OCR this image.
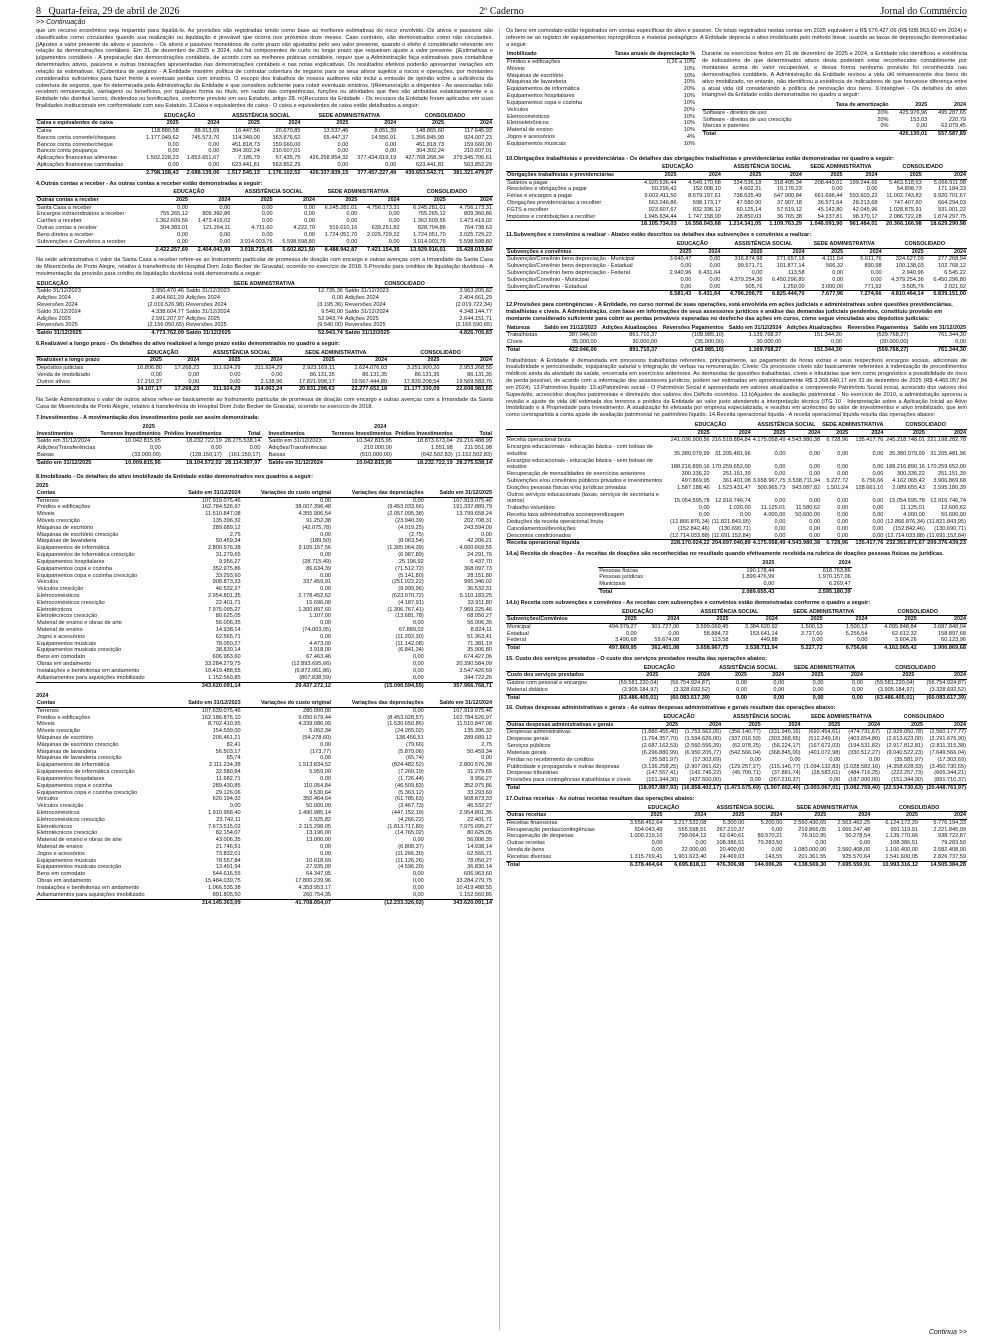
8 Quarta-feira, 29 de abril de 2026	2º Caderno	Jornal do Commércio
>> Continuação

que um recurso econômico seja requerido para liquidá-lo. As provisões são registradas tendo como base as melhores estimativas do risco envolvido. Os ativos e passivos são classificados como circulantes quando sua realização ou liquidação é provável que ocorra nos próximos doze meses. Caso contrário, são demonstrados como não circulantes. j)Ajustes a valor presente de ativos e passivos - Os ativos e passivos monetários de curto prazo são ajustados pelo seu valor presente, quando o efeito é considerado relevante em relação às demonstrações contábeis. Em 31 de dezembro de 2025 e 2024, não há componentes de curto ou longo prazo que requeiram ajuste a valor presente. j)Estimativas e julgamentos contábeis - A preparação das demonstrações contábeis, de acordo com as melhores práticas contábeis, requer que a Administração faça estimativas para contabilizar determinados ativos, passivos e outras transações apresentadas nas demonstrações contábeis e nas notas explicativas. Os resultados efetivos poderão apresentar variações em relação às estimativas. k)Cobertura de seguros - A Entidade mantém política de contratar cobertura de seguros para os seus ativos sujeitos a riscos e operações, por montantes considerados suficientes para fazer frente a eventuais perdas com sinistros. O escopo dos trabalhos de nossos auditores não inclui a emissão de opinião sobre a suficiência da cobertura de seguros, que foi determinada pela Administração da Entidade e que considera suficiente para cobrir eventuais sinistros. l)Remuneração a dirigentes - As associadas não recebem remuneração, vantagens ou benefícios, por qualquer forma ou título, em razão das competências, funções ou atividades que lhes são atribuídas estatutariamente e a Entidade não distribui lucros, dividendos ou bonificações, conforme previsto em seu Estatuto, artigo 28. m)Recursos da Entidade - Os recursos da Entidade foram aplicados em suas finalidades institucionais em conformidade com seu Estatuto. 3.Caixa e equivalentes de caixa - O caixa e equivalentes de caixa estão detalhados a seguir:

	EDUCAÇÃO		ASSISTÊNCIA SOCIAL		SEDE ADMINISTRATIVA		CONSOLIDADO	
Caixa e equivalentes de caixa	2025	2024	2025	2024	2025	2024	2025	2024
Caixa	118.880,58	88.913,69	16.447,56	20.670,85	13.537,46	8.051,39	148.865,60	117.645,93
Bancos conta corrente/cheques	1.177.049,62	745.573,70	114.349,00	163.876,62	65.447,37	14.556,91	1.356.845,99	924.007,23
Bancos conta corrente/cheque	0,00	0,00	451.818,73	159.660,00	0,00	0,00	451.818,73	159.660,00
Bancos conta poupança	0,00	0,00	304.302,24	210.607,01	0,00	0,00	304.302,24	210.607,01
Aplicações financeiras alimentar	1.502.228,23	1.853.651,67	7.185,79	57.435,75	426.258.854,32	377.434.619,19	427.768.268,34	379.345.706,61
Aplicações financeiras carimbadas	0,00	0,00	623.441,81	563.852,29	0,00	0,00	623.441,81	563.852,29
	2.798.158,43	2.688.139,06	1.517.545,13	1.176.102,52	426.337.839,15	377.457.227,49	430.653.542,71	381.321.479,07
4.Outras contas a receber - As outras contas a receber estão demonstradas a seguir:
	EDUCAÇÃO		ASSISTÊNCIA SOCIAL		SEDE ADMINISTRATIVA		CONSOLIDADO	
Outras contas a receber	2025	2024	2025	2024	2025	2024	2025	2024
Santa Casa a receber	0,00	0,00	0,00	0,00	6.245.281,01	4.756.173,31	6.245.281,01	4.756.173,31
Encargos extraordinários a receber	755.265,12	809.360,86	0,00	0,00	0,00	0,00	755.265,12	809.360,86
Cartões a receber	1.362.609,56	1.473.419,02	0,00	0,00	0,00	0,00	1.362.609,56	1.473.419,02
Outras contas a receber	304.383,01	121.264,11	4.711,60	4.222,70	519.610,16	639.251,82	828.704,86	764.738,63
Bens diretos a receber	0,00	0,00	0,00	0,00	1.724.051,70	2.025.729,22	1.724.051,70	2.025.729,22
Subvenções e Convênios a receber	0,00	0,00	3.014.003,76	5.598.598,80	0,00	0,00	3.014.003,76	5.598.598,80
	2.422.257,69	2.404.043,99	3.018.715,45	5.602.821,50	8.488.942,87	7.421.154,35	13.929.916,01	15.428.019,84

Na sede administrativa o valor da Santa Casa a receber refere-se ao Instrumento particular de promessa de doação com encargo e outras avenças com a Irmandade da Santa Casa de Misericórdia de Porto Alegre, relativo à transferência do Hospital Dom João Becker de Gravataí, ocorrido no exercício de 2018. 5.Provisão para créditos de liquidação duvidosa - A movimentação da provisão para crédito de liquidação duvidosa está demonstrada a seguir:

EDUCAÇÃO		SEDE ADMINISTRATIVA		CONSOLIDADO	
Saldo 31/12/2023	3.950.470,46	Saldo 31/12/2023	12.735,36	Saldo 31/12/2023	3.963.205,82
Adições 2024	2.404.661,29	Adições 2024	0,00	Adições 2024	2.404.661,29
Reversões 2024	(2.016.526,98)	Reversões 2024	(3.195,36)	Reversões 2024	(2.019.722,34)
Saldo 31/12/2024	4.338.604,77	Saldo 31/12/2024	9.540,00	Saldo 31/12/2024	4.348.144,77
Adições 2025	2.591.207,97	Adições 2025	52.943,74	Adições 2025	2.644.151,71
Reversões 2025	(2.156.050,65)	Reversões 2025	(9.540,00)	Reversões 2025	(2.165.590,65)
Saldo 31/12/2025	4.773.762,09	Saldo 31/12/2025	52.943,74	Saldo 31/12/2025	4.826.705,83
6.Realizável a longo prazo - Os detalhes do ativo realizável a longo prazo estão demonstrados no quadro a seguir:
	EDUCAÇÃO		ASSISTÊNCIA SOCIAL		SEDE ADMINISTRATIVA		CONSOLIDADO	
Realizável a longo prazo	2025	2024	2025	2024	2025	2024	2025	2024
Depósitos judiciais	16.806,80	17.268,23	311.924,29	311.924,29	2.923.169,11	2.624.076,03	3.251.900,20	2.953.268,55
Venda de imobilizado	0,00	0,00	0,00	0,00	86.131,35	86.131,35	86.131,35	86.131,35
Outros ativos	17.210,37	0,00	0,00	2.138,96	17.821.998,17	19.567.444,80	17.839.208,54	19.569.583,76
	34.107,17	17.268,23	311.924,29	314.063,24	20.831.298,63	22.277.652,18	21.177.330,09	22.608.983,65

Na Sede Administrativa o valor de outros ativos refere-se basicamente ao Instrumento particular de promessa de doação com encargo e outras avenças com a Irmandade da Santa Casa de Misericórdia de Porto Alegre, relativo à transferência do Hospital Dom João Becker de Gravataí, ocorrido no exercício de 2018.

7.Investimentos - A movimentação dos investimentos pode ser assim demonstrada:
2025
Investimentos	Terrenos Investimentos	Prédios Investimentos	Total
Saldo em 31/12/2024	10.042.815,95	18.232.722,19	28.275.538,14
Adições/Transferências	0,00	0,00	0,00
Baixas	(33.000,00)	(128.150,17)	(161.150,17)
Saldo em 31/12/2025	10.009.815,95	18.104.572,02	28.114.387,97
2024
Investimentos	Terrenos Investimentos	Prédios Investimentos	Total
Saldo em 31/12/2023	10.342.815,95	18.873.673,04	29.216.488,99
Adições/Transferências	210.000,00	1.551,98	211.551,98
Baixas	(510.000,00)	(642.502,83)	(1.152.502,83)
Saldo em 31/12/2024	10.042.815,95	18.232.722,19	28.275.538,14
8.Imobilizado - Os detalhes do ativo imobilizado da Entidade estão demonstrados nos quadros a seguir:
2025
Contas	Saldo em 31/12/2024	Variações do custo original	Variações das depreciações	Saldo em 31/12/2025
Terrenos	107.919.075,46	0,00	0,00	107.919.075,46
Prédios e edificações	162.784.526,97	38.007.396,48	(9.453.033,66)	191.337.889,79
Móveis	11.510.847,08	4.355.906,54	(2.057.095,38)	13.799.658,24
Móveis crescição	135.396,32	91.252,38	(23.940,39)	202.708,31
Máquinas de escritório	289.689,12	(42.075,78)	(4.019,25)	243.594,09
Máquinas de escritório crescição	2,75	0,00	(2,75)	0,00
Máquinas de lavanderia	50.459,34	(189,50)	(8.063,54)	42.206,21
Equipamentos de informática	2.800.576,38	3.105.157,56	(1.305.064,39)	4.600.669,55
Equipamentos de informática crescição	31.279,65	0,00	(6.987,89)	24.291,76
Equipamentos hospitalares	9.956,27	(28.715,49)	25.196,92	6.437,70
Equipamentos copa e cozinha	352.975,86	86.634,39	(71.512,72)	368.097,73
Equipamentos copa e cozinha crescição	33.293,60	0,00	(5.141,80)	28.151,80
Veículos	908.873,33	337.459,91	(251.022,22)	995.346,02
Veículos crescição	46.532,27	0,00	(9.999,96)	36.532,31
Eletrocomésticos	2.954.801,35	2.778.452,62	(623.070,72)	5.110.183,25
Eletrocomésticos crescição	22.401,71	15.696,00	(4.187,91)	33.911,80
Eletrotécnicos	7.975.095,27	1.300.897,60	(1.306.767,41)	7.969.225,46
Eletrotécnicos crescição	80.625,05	1.107,00	(13.681,78)	68.050,27
Material de ensino e obras de arte	56.006,35	0,00	0,00	56.006,35
Material de ensino	14.938,14	(74.003,05)	67.889,02	8.824,11
Jogos e acessórios	62.565,71	0,00	(11.202,30)	51.363,41
Equipamentos musicais	78.050,27	4.473,00	(11.142,08)	71.381,19
Equipamentos musicais crescição	38.830,14	3.918,00	(6.841,34)	35.906,80
Bens em comodato	606.963,60	67.463,46	0,00	674.427,06
Obras em andamento	33.284.279,75	(12.893.695,66)	0,00	20.390.584,09
Instalações e benfeitorias em andamento	10.419.488,55	(6.872.061,86)	0,00	3.547.426,69
Adiantamentos para aquisições imobilizado	1.152.560,85	(807.838,59)	0,00	344.722,26
	343.620.091,14	29.437.272,12	(15.090.594,55)	357.966.768,71
2024
Contas	Saldo em 31/12/2023	Variações do custo original	Variações das depreciações	Saldo em 31/12/2024
Terrenos	107.639.075,46	280.000,00	0,00	107.919.075,46
Prédios e edificações	162.186.876,10	9.050.679,44	(8.453.028,57)	162.784.526,97
Móveis	8.702.410,95	4.339.086,99	(1.530.650,86)	11.510.847,08
Móveis crescição	154.599,00	5.062,34	(24.265,02)	135.396,32
Máquinas de escritório	205.461,21	(54.278,60)	138.456,51	289.689,12
Máquinas de escritório crescição	82,41	0,00	(79,66)	2,75
Máquinas de lavanderia	56.503,17	(173,77)	(5.870,06)	50.459,34
Máquinas de lavanderia crescição	65,74	0,00	(65,74)	0,00
Equipamentos de informática	2.111.234,38	1.513.834,52	(824.482,52)	2.800.576,38
Equipamentos de informática crescição	32.580,84	5.959,00	(7.260,19)	31.279,65
Equipamentos hospitalares	11.682,71	0,00	(1.726,44)	9.956,27
Equipamentos copa e cozinha	289.430,85	110.054,84	(46.509,83)	352.975,86
Equipamentos copa e cozinha crescição	29.126,06	9.530,64	(5.363,12)	33.293,60
Veículos	620.194,32	350.464,64	(61.785,63)	908.873,33
Veículos crescição	0,00	50.000,00	(3.467,73)	46.532,27
Eletrocomésticos	1.910.968,40	1.490.985,14	(447.152,19)	2.954.801,35
Eletrocomésticos crescição	23.742,11	2.925,82	(4.266,22)	22.401,71
Eletrotécnicos	7.673.515,02	2.115.298,05	(1.813.717,80)	7.975.095,27
Eletrotécnicos crescição	82.154,07	13.196,00	(14.765,02)	80.625,05
Material de ensino e obras de arte	43.006,35	13.000,00	0,00	56.006,35
Material de ensino	21.746,51	0,00	(6.808,37)	14.938,14
Jogos e acessórios	73.832,01	0,00	(11.266,30)	62.565,71
Equipamentos musicais	78.557,84	10.618,69	(11.126,26)	78.050,27
Equipamentos musicais crescição	13.491,94	27.935,00	(4.596,20)	36.830,14
Bens em comodato	544.616,55	64.347,05	0,00	606.963,60
Obras em andamento	15.484.039,75	17.800.239,96	0,00	33.284.279,75
Instalações e benfeitorias em andamento	1.066.535,38	4.353.953,17	0,00	10.419.488,55
Adiantamentos para aquisições imobilizado	891.805,50	260.754,35	0,00	1.152.560,85
	314.145.363,09	41.708.054,07	(12.233.326,02)	343.620.091,14

Os bens em comodato estão registrados em contas específicas do ativo e passivo. Os totais registrados nestas contas em 2025 equivalem a R$ 676.427,06 (R$ 608.963,60 em 2024) e referem-se ao registro de equipamentos reprográficos e material pedagógico. A Entidade deprecia o ativo imobilizado pelo método linear, usando as taxas de depreciação demonstradas a seguir:

Imobilizado	Taxas anuais de depreciação %
Prédios e edificações	0,26 a 10%
Móveis	10%
Máquinas de escritório	10%
Máquinas de lavanderia	10%
Equipamentos de informática	20%
Equipamentos hospitalares	10%
Equipamentos copa e cozinha	10%
Veículos	20%
Eletrocomésticos	10%
Eletroeletrônicos	10%
Material de ensino	10%
Jogos e acessórios	4%
Equipamentos musicais	10%

Durante os exercícios findos em 31 de dezembro de 2025 e 2024, a Entidade não identificou a existência de indicadores de que determinados ativos desta poderiam estar reconhecidos contabilmente por montantes acima do valor recuperável, e dessa forma nenhuma provisão foi reconhecida nas demonstrações contábeis. A Administração da Entidade revisou a vida útil remanescente dos bens do ativo imobilizado, no entanto, não identificou a existência de indicadores de que houvesse diferença entre a atual vida útil considerando a política de renovação dos bens. 9.Intangível - Os detalhes do ativo intangível da Entidade estão demonstrados no quadro a seguir:

	Taxa de amortização	2025	2024
Software - direitos de uso	20%	425.976,96	495.287,65
Software - direitos de uso crescição	20%	153,03	220,79
Marcas e patentes	0%	0,00	62.079,45
Total		426.130,01	557.587,89
10.Obrigações trabalhistas e previdenciárias - Os detalhes das obrigações trabalhistas e previdenciárias estão demonstradas no quadro a seguir:
	EDUCAÇÃO		ASSISTÊNCIA SOCIAL		SEDE ADMINISTRATIVA		CONSOLIDADO	
Obrigações trabalhistas e previdenciárias	2025	2024	2025	2024	2025	2024	2025	2024
Salários a pagar	4.920.536,44	4.549.170,68	334.536,18	318.495,34	208.443,01	199.244,66	5.463.518,63	5.066.911,98
Rescisões e obrigações a pagar	50.296,42	152.008,10	4.602,31	15.176,23	0,00	0,00	54.898,73	171.184,33
Férias e encargos a pagar	9.602.411,50	8.679.197,61	738.635,49	647.900,84	661.696,44	593.603,22	11.002.743,83	9.920.701,67
Obrigações previdenciárias a recolher	663.246,86	598.173,17	47.580,90	37.907,18	36.571,64	28.213,68	747.407,60	664.294,03
FGTS a recolher	923.607,67	832.336,12	60.125,14	57.519,12	45.142,80	42.045,96	1.028.875,91	931.901,22
Impostos e contribuições a recolher	1.945.634,44	1.747.158,00	28.850,03	36.765,38	54.237,81	98.370,17	2.086.722,28	1.874.297,75
	18.105.734,03	16.558.043,68	1.214.341,05	1.109.763,29	1.046.091,90	961.484,01	20.366.166,98	18.629.290,98
11.Subvenções e convênios a realizar - Abaixo estão descritos os detalhes das subvenções e convênios a realizar:
	EDUCAÇÃO		ASSISTÊNCIA SOCIAL		SEDE ADMINISTRATIVA		CONSOLIDADO	
Subvenções e convênios	2025	2024	2025	2024	2025	2024	2025	2024
Subvenção/Convênio bens depreciação - Municipal	3.640,47	0,00	316.874,98	271.657,18	4.111,64	5.611,76	324.627,09	277.268,94
Subvenção/Convênio bens depreciação - Estadual	0,00	0,00	99.571,71	101.877,14	566,32	890,98	100.138,03	102.768,12
Subvenção/Convênio bens depreciação - Federal	2.940,96	6.431,64	0,00	113,58	0,00	0,00	2.940,96	6.545,22
Subvenção/Convênio - Municipal	0,00	0,00	4.379.254,36	6.450.296,80	0,00	0,00	4.379.254,36	6.450.296,80
Subvenção/Convênio - Estadual	0,00	0,00	505,76	1.250,00	3.000,00	771,92	3.505,76	2.021,92
	6.581,43	6.431,64	4.796.206,75	6.825.444,70	7.677,96	7.274,66	4.810.464,14	6.839.151,00
12.Provisões para contingências - A Entidade, no curso normal de suas operações, está envolvida em ações judiciais e administrativas sobre questões previdenciárias, trabalhistas e cíveis. A Administração, com base em informações de seus assessores jurídicos e análise das demandas judiciais pendentes, constituiu provisão em montante considerado suficiente para cobrir as perdas prováveis esperadas no desfecho das ações em curso, como segue vinculadas aos depósitos judiciais:
Natureza	Saldo em 31/12/2023	Adições Atualizações	Reversões Pagamentos	Saldo em 31/12/2024	Adições Atualizações	Reversões Pagamentos	Saldo em 31/12/2025
Trabalhistas	387.046,00	861.710,37	(108.985,10)	1.139.768,27	151.344,30	(529.768,27)	761.344,30
Cíveis	35.000,00	30.000,00	(35.000,00)	30.000,00	0,00	(30.000,00)	0,00
Total	422.046,00	891.710,37	(143.985,10)	1.169.768,27	151.344,30	(559.768,27)	761.344,30

Trabalhistas: A Entidade é demandada em processos trabalhistas referentes, principalmente, ao pagamento de horas extras e seus respectivos encargos sociais, adicionais de insalubridade e periculosidade, equiparação salarial e integração de verbas na remuneração. Cíveis: Os processos cíveis são basicamente referentes à indenização de procedimentos médicos ainda da atividade da saúde, encerrada em exercícios anteriores. As demandas de questões trabalhistas, cíveis e tributárias que tem como prognóstico a possibilidade de risco de perda possível, de acordo com a informação dos assessores jurídicos, podem ser estimadas em aproximadamente R$ 3.268.640,17 em 31 de dezembro de 2025 (R$ 4.465.057,84 em 2024). 13.Patrimônio líquido: 13.a)Patrimônio social - O Patrimônio Social é apresentado em valores atualizados e compreende Patrimônio Social inicial, acrescido dos valores dos Superávits, acrescidos doações patrimoniais e diminuído dos valores dos Déficits ocorridos. 13.b)Ajustes de avaliação patrimonial - No exercício de 2010, a administração aprovou a revisão e ajuste de vida útil estimada dos terrenos e prédios da Entidade ao valor justo atendendo a interpretação técnica (ITG 10 - Interpretação sobre a Aplicação Inicial ao Ativo Imobilizado e à Propriedade para Investimento. A atualização foi efetuada por empresa especializada, e resultou em acréscimo do valor de investimentos e ativo imobilizado, que tem como contrapartida a conta ajuste de avaliação patrimonial no patrimônio líquido. 14.Receita operacional líquida - A receita operacional líquida resulta das operações abaixo:

	EDUCAÇÃO		ASSISTÊNCIA SOCIAL		SEDE ADMINISTRATIVA		CONSOLIDADO	
	2025	2024	2025	2024	2025	2024	2025	2024
Receita operacional bruta	241.036.900,56	216.518.884,84	4.175.058,49	4.543.980,38	6.728,96	135.417,76	245.218.748,01	221.198.282,78
Encargos educacionais - educação básica - com bolsas de estudos	35.380.079,99	31.205.481,96	0,00	0,00	0,00	0,00	35.380.079,99	31.205.481,96
Encargos educacionais - educação básica - sem bolsas de estudos	188.216.890,16	170.259.652,00	0,00	0,00	0,00	0,00	188.216.890,16	170.259.652,00
Recuperação de mensalidades de exercícios anteriores	300.336,22	251.151,39	0,00	0,00	0,00	0,00	300.336,22	251.151,39
Subvenções e/ou convênios públicos privados e investimentos	497.869,95	361.401,08	3.658.967,75	3.538.711,94	5.227,72	6.756,66	4.162.065,42	3.906.869,68
Doações pessoas físicas e/ou jurídicas privadas	1.587.188,46	1.523.431,47	500.965,73	943.087,82	1.501,24	128.661,10	2.089.655,43	2.595.180,39
Outros serviços educacionais (taxas, serviços de secretaria e outros)	15.054.595,78	12.916.746,74	0,00	0,00	0,00	0,00	15.054.595,78	12.916.746,74
Trabalho voluntário	0,00	1.020,00	11.125,01	11.580,62	0,00	0,00	11.125,01	12.600,62
Receita taxa administrativa socioeprendizagem	0,00	0,00	4.000,00	50.600,00	0,00	0,00	4.000,00	50.600,00
Deduções da receita operacional bruta	(12.866.876,34)	(11.821.843,95)	0,00	0,00	0,00	0,00	(12.866.876,34)	(11.821.843,95)
Cancelamentos/devoluções	(152.842,46)	(130.690,71)	0,00	0,00	0,00	0,00	(152.842,46)	(130.690,71)
Descontos condicionados	(12.714.033,88)	(11.691.152,84)	0,00	0,00	0,00	0,00	(12.714.033,88)	(11.691.152,84)
Receita operacional líquida	228.170.024,22	204.697.040,89	4.175.058,49	4.543.980,38	6.728,96	135.417,76	232.351.871,67	209.376.439,23
14.a) Receita de doações - As receitas de doações são reconhecidas no resultado quando efetivamente recebida na rubrica de doações pessoas físicas ou jurídicas.
	2025	2024
Pessoas físicas	190.178,44	618.763,86
Pessoas jurídicas	1.899.476,99	1.970.157,06
Municipais	0,00	6.269,47
Total	2.089.655,43	2.595.180,39
14.b) Receita com subvenções e convênios - As receitas com subvenções e convênios estão demonstradas conforme o quadro a seguir:
	EDUCAÇÃO		ASSISTÊNCIA SOCIAL		SEDE ADMINISTRATIVA		CONSOLIDADO	
Subvenções/Convênios	2025	2024	2025	2024	2025	2024	2025	2024
Municipal	494.379,27	301.727,00	3.599.069,45	3.384.620,92	1.500,12	1.500,12	4.095.848,84	3.687.848,04
Estadual	0,00	0,00	58.884,72	153.641,14	3.727,60	5.256,54	62.612,32	158.897,68
Federal	3.490,68	59.674,08	113,58	449,88	0,00	0,00	3.604,26	60.123,96
Total	497.869,95	361.401,08	3.658.967,75	3.538.711,94	5.227,72	6.756,66	4.162.065,42	3.906.869,68
15. Custo dos serviços prestados - O custo dos serviços prestados resulta das operações abaixo:
	EDUCAÇÃO		ASSISTÊNCIA SOCIAL		SEDE ADMINISTRATIVA		CONSOLIDADO	
Custo dos serviços prestados	2025	2024	2025	2024	2025	2024	2025	2024
Gastos com pessoal e encargos	(59.581.220,04)	(56.754.924,87)	0,00	0,00	0,00	0,00	(59.581.220,04)	(56.754.924,87)
Material didático	(3.905.184,97)	(3.328.692,52)	0,00	0,00	0,00	0,00	(3.905.184,97)	(3.328.692,52)
Total	(63.486.405,01)	(60.083.617,39)	0,00	0,00	0,00	0,00	(63.486.405,01)	(60.083.617,39)
16. Outras despesas administrativas e gerais - As outras despesas administrativas e gerais resultam das operações abaixo:
	EDUCAÇÃO		ASSISTÊNCIA SOCIAL		SEDE ADMINISTRATIVA		CONSOLIDADO	
Outras despesas administrativas e gerais	2025	2024	2025	2024	2025	2024	2025	2024
Despesas administrativas	(1.880.455,40)	(1.753.562,05)	(356.140,77)	(331.945,16)	(692.454,61)	(474.731,67)	(2.929.050,78)	(2.560.177,77)
Despesas gerais	(1.764.357,70)	(1.594.626,00)	(337.016,59)	(303.368,65)	(512.249,16)	(403.654,80)	(2.613.623,00)	(2.291.676,90)
Serviços públicos	(2.687.162,53)	(2.560.556,39)	(62.978,25)	(56.224,17)	(167.672,03)	(194.531,82)	(2.917.812,81)	(2.811.315,38)
Materiais gerais	(6.296.880,99)	(6.950.205,77)	(542.566,04)	(368.845,00)	(401.072,98)	(330.512,27)	(9.040.522,23)	(7.649.566,04)
Perdas no recebimento de créditos	(35.581,97)	(17.303,69)	0,00	0,00	0,00	0,00	(35.581,97)	(17.303,69)
Publicidade e propaganda e outras despesas	(3.136.258,25)	(2.907.061,62)	(129.257,27)	(115.146,77)	(1.094.132,83)	(1.028.582,16)	(4.358.628,33)	(3.450.730,55)
Despesas tributárias	(147.557,41)	(142.746,22)	(45.706,71)	(37.881,74)	(28.583,61)	(484.716,25)	(222.257,73)	(665.344,21)
Provisões para contingências trabalhistas e cíveis	(151.344,30)	(437.500,00)	0,00	(267.210,37)	0,00	(187.000,00)	(151.344,30)	(891.710,37)
Total	(18.057.987,93)	(16.858.402,17)	(1.473.675,69)	(1.907.602,40)	(3.003.067,01)	(3.082.759,40)	(22.534.730,63)	(20.448.763,97)
17.Outras receitas - As outras receitas resultam das operações abaixo:
	EDUCAÇÃO		ASSISTÊNCIA SOCIAL		SEDE ADMINISTRATIVA		CONSOLIDADO	
Outras receitas	2025	2024	2025	2024	2025	2024	2025	2024
Receitas financeiras	3.558.452,64	3.217.532,08	5.300,00	5.200,00	2.560.430,65	2.563.462,25	6.124.172,29	5.776.194,33
Recuperação perdas/contingências	504.043,49	555.598,51	267.210,37	0,00	219.866,05	1.666.247,48	991.119,91	2.221.845,99
Recuperação de despesas	1.000.219,10	799.064,12	62.640,61	89.570,21	76.910,95	50.278,54	1.139.770,66	938.722,87
Outras receitas	0,00	0,00	108.386,51	79.283,50	0,00	0,00	108.386,51	79.283,50
Venda de bens	0,00	22.000,00	20.400,00	0,00	1.080.000,00	2.560.408,00	1.100.400,00	2.582.408,00
Receitas diversas	1.315.769,41	1.901.623,40	24.469,03	143,55	201.361,55	925.570,64	1.541.600,05	2.826.737,59
Total	6.378.464,64	6.695.818,11	476.306,98	144.006,26	4.138.569,30	7.695.559,91	10.993.316,12	14.505.384,28
Continua >>
